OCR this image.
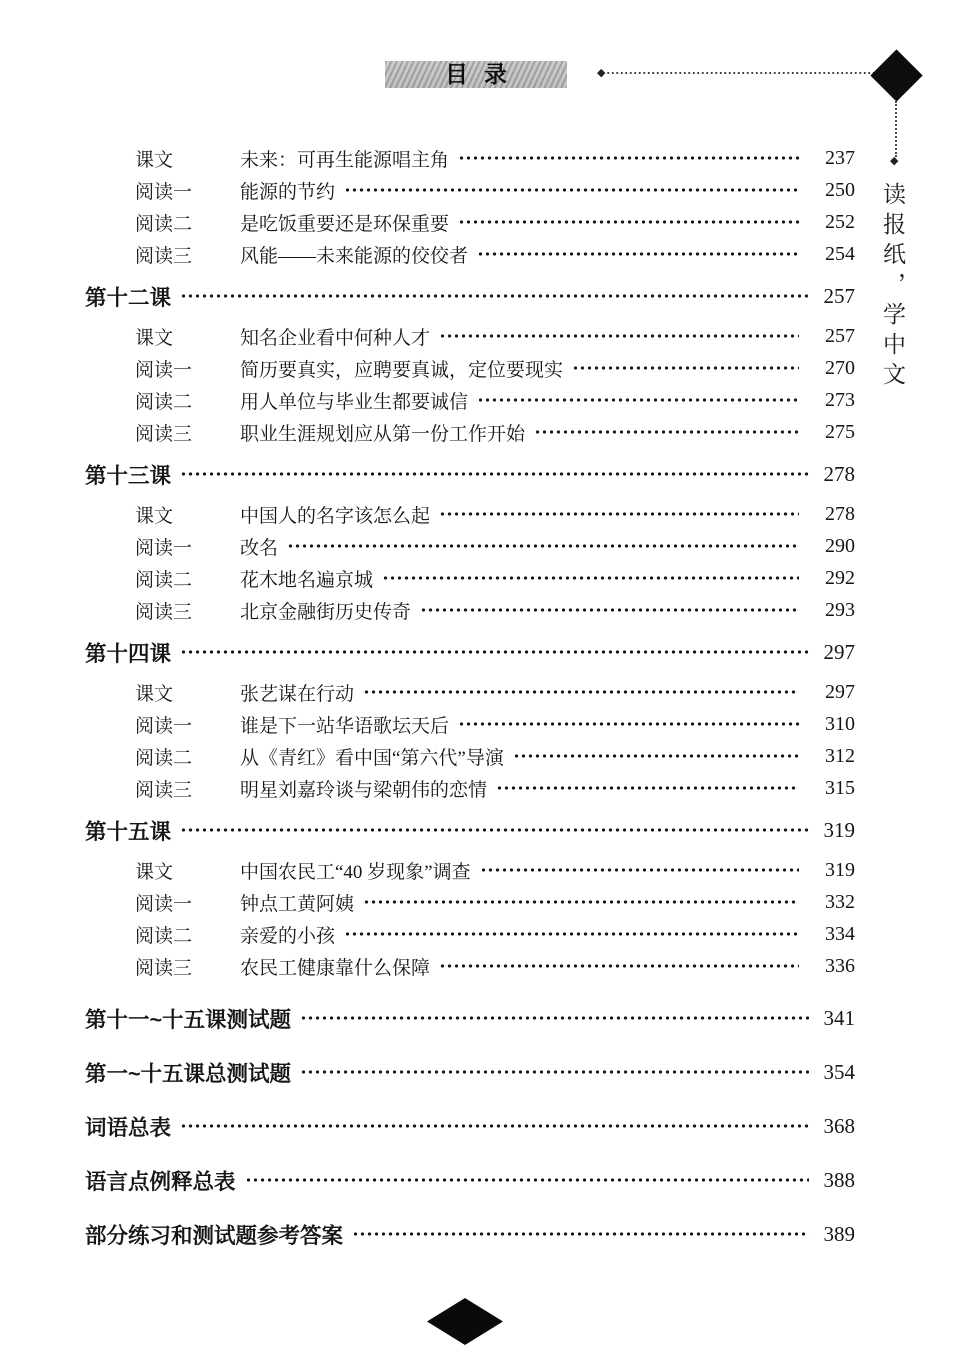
目录	◆
◆
读报纸，学中文
课文	未来：可再生能源唱主角	237
阅读一	能源的节约	250
阅读二	是吃饭重要还是环保重要	252
阅读三	风能——未来能源的佼佼者	254
第十二课	257
课文	知名企业看中何种人才	257
阅读一	简历要真实，应聘要真诚，定位要现实	270
阅读二	用人单位与毕业生都要诚信	273
阅读三	职业生涯规划应从第一份工作开始	275
第十三课	278
课文	中国人的名字该怎么起	278
阅读一	改名	290
阅读二	花木地名遍京城	292
阅读三	北京金融街历史传奇	293
第十四课	297
课文	张艺谋在行动	297
阅读一	谁是下一站华语歌坛天后	310
阅读二	从《青红》看中国“第六代”导演	312
阅读三	明星刘嘉玲谈与梁朝伟的恋情	315
第十五课	319
课文	中国农民工“40 岁现象”调查	319
阅读一	钟点工黄阿姨	332
阅读二	亲爱的小孩	334
阅读三	农民工健康靠什么保障	336
第十一~十五课测试题	341
第一~十五课总测试题	354
词语总表	368
语言点例释总表	388
部分练习和测试题参考答案	389
